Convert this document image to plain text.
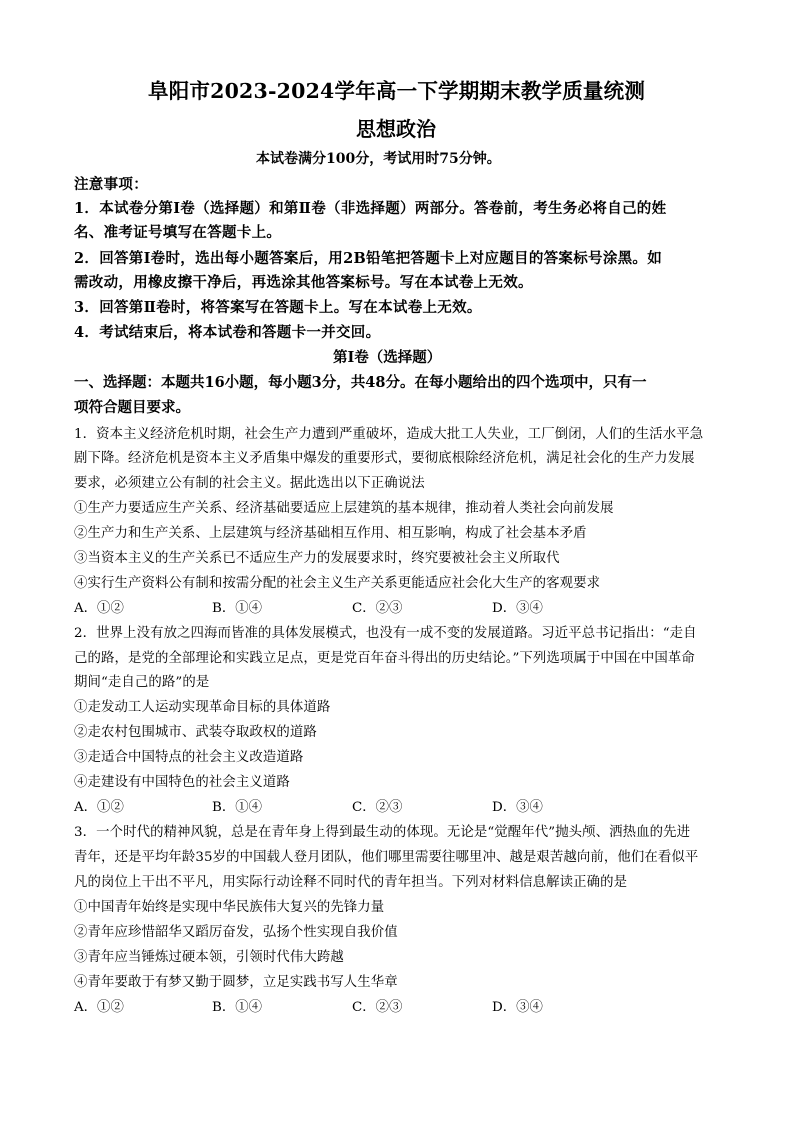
阜阳市2023-2024学年高一下学期期末教学质量统测
思想政治
本试卷满分100分，考试用时75分钟。
注意事项：
1．本试卷分第Ⅰ卷（选择题）和第Ⅱ卷（非选择题）两部分。答卷前，考生务必将自己的姓
名、准考证号填写在答题卡上。
2．回答第Ⅰ卷时，选出每小题答案后，用2B铅笔把答题卡上对应题目的答案标号涂黑。如
需改动，用橡皮擦干净后，再选涂其他答案标号。写在本试卷上无效。
3．回答第Ⅱ卷时，将答案写在答题卡上。写在本试卷上无效。
4．考试结束后，将本试卷和答题卡一并交回。
第Ⅰ卷（选择题）
一、选择题：本题共16小题，每小题3分，共48分。在每小题给出的四个选项中，只有一
项符合题目要求。
1．资本主义经济危机时期，社会生产力遭到严重破坏，造成大批工人失业，工厂倒闭，人们的生活水平急
剧下降。经济危机是资本主义矛盾集中爆发的重要形式，要彻底根除经济危机，满足社会化的生产力发展
要求，必须建立公有制的社会主义。据此选出以下正确说法
①生产力要适应生产关系、经济基础要适应上层建筑的基本规律，推动着人类社会向前发展
②生产力和生产关系、上层建筑与经济基础相互作用、相互影响，构成了社会基本矛盾
③当资本主义的生产关系已不适应生产力的发展要求时，终究要被社会主义所取代
④实行生产资料公有制和按需分配的社会主义生产关系更能适应社会化大生产的客观要求
A．①②	B．①④	C．②③	D．③④
2．世界上没有放之四海而皆准的具体发展模式，也没有一成不变的发展道路。习近平总书记指出：“走自
己的路，是党的全部理论和实践立足点，更是党百年奋斗得出的历史结论。”下列选项属于中国在中国革命
期间“走自己的路”的是
①走发动工人运动实现革命目标的具体道路
②走农村包围城市、武装夺取政权的道路
③走适合中国特点的社会主义改造道路
④走建设有中国特色的社会主义道路
A．①②	B．①④	C．②③	D．③④
3．一个时代的精神风貌，总是在青年身上得到最生动的体现。无论是“觉醒年代”抛头颅、洒热血的先进
青年，还是平均年龄35岁的中国载人登月团队，他们哪里需要往哪里冲、越是艰苦越向前，他们在看似平
凡的岗位上干出不平凡，用实际行动诠释不同时代的青年担当。下列对材料信息解读正确的是
①中国青年始终是实现中华民族伟大复兴的先锋力量
②青年应珍惜韶华又蹈厉奋发，弘扬个性实现自我价值
③青年应当锤炼过硬本领，引领时代伟大跨越
④青年要敢于有梦又勤于圆梦，立足实践书写人生华章
A．①②	B．①④	C．②③	D．③④
